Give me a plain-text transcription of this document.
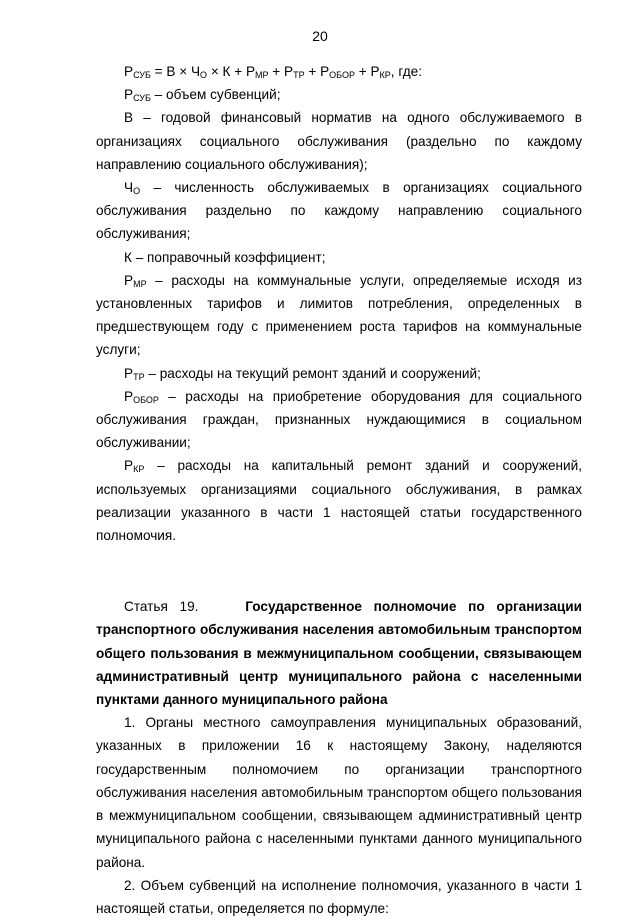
20

$P_{СУБ} = В \times Ч_О \times К + Р_{МР} + Р_{ТР} + Р_{ОБОР} + Р_{КР}$, где:

$Р_{СУБ}$ – объем субвенций;

В – годовой финансовый норматив на одного обслуживаемого в организациях социального обслуживания (раздельно по каждому направлению социального обслуживания);

$Ч_О$ – численность обслуживаемых в организациях социального обслуживания раздельно по каждому направлению социального обслуживания;

К – поправочный коэффициент;

$Р_{МР}$ – расходы на коммунальные услуги, определяемые исходя из установленных тарифов и лимитов потребления, определенных в предшествующем году с применением роста тарифов на коммунальные услуги;

$Р_{ТР}$ – расходы на текущий ремонт зданий и сооружений;

$Р_{ОБОР}$ – расходы на приобретение оборудования для социального обслуживания граждан, признанных нуждающимися в социальном обслуживании;

$Р_{КР}$ – расходы на капитальный ремонт зданий и сооружений, используемых организациями социального обслуживания, в рамках реализации указанного в части 1 настоящей статьи государственного полномочия.

Статья 19.	Государственное полномочие по организации транспортного обслуживания населения автомобильным транспортом общего пользования в межмуниципальном сообщении, связывающем административный центр муниципального района с населенными пунктами данного муниципального района

1. Органы местного самоуправления муниципальных образований, указанных в приложении 16 к настоящему Закону, наделяются государственным полномочием по организации транспортного обслуживания населения автомобильным транспортом общего пользования в межмуниципальном сообщении, связывающем административный центр муниципального района с населенными пунктами данного муниципального района.

2. Объем субвенций на исполнение полномочия, указанного в части 1 настоящей статьи, определяется по формуле:
